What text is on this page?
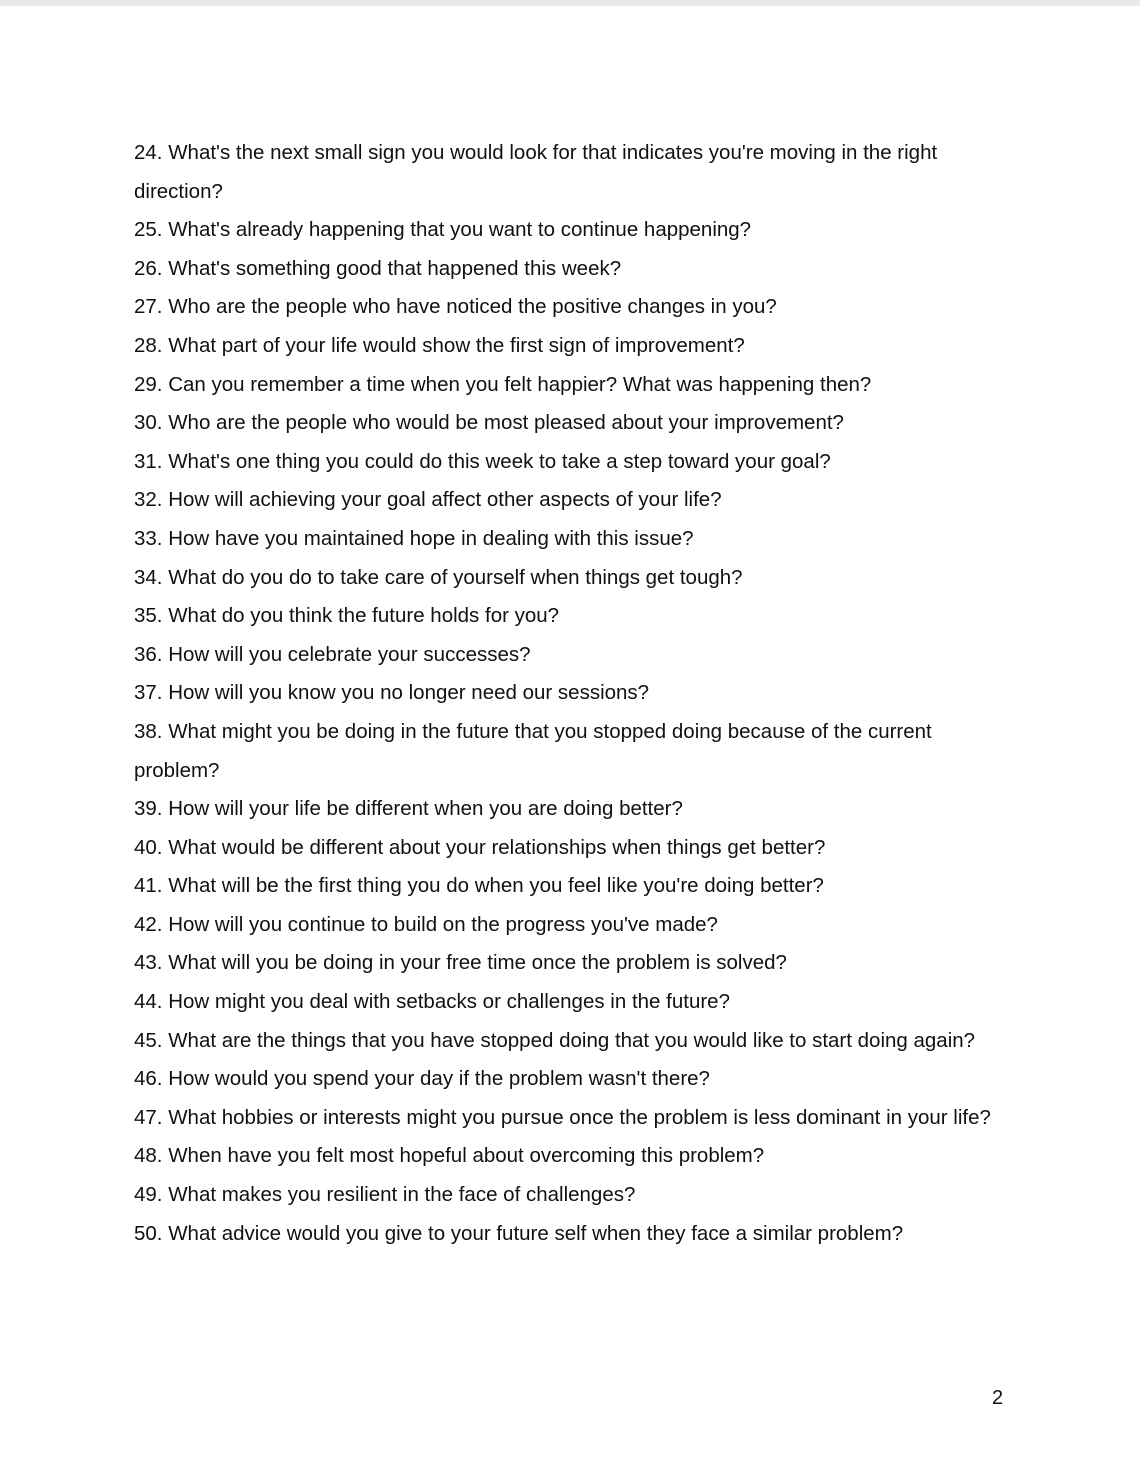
24. What's the next small sign you would look for that indicates you're moving in the right direction?
25. What's already happening that you want to continue happening?
26. What's something good that happened this week?
27. Who are the people who have noticed the positive changes in you?
28. What part of your life would show the first sign of improvement?
29. Can you remember a time when you felt happier? What was happening then?
30. Who are the people who would be most pleased about your improvement?
31. What's one thing you could do this week to take a step toward your goal?
32. How will achieving your goal affect other aspects of your life?
33. How have you maintained hope in dealing with this issue?
34. What do you do to take care of yourself when things get tough?
35. What do you think the future holds for you?
36. How will you celebrate your successes?
37. How will you know you no longer need our sessions?
38. What might you be doing in the future that you stopped doing because of the current problem?
39. How will your life be different when you are doing better?
40. What would be different about your relationships when things get better?
41. What will be the first thing you do when you feel like you're doing better?
42. How will you continue to build on the progress you've made?
43. What will you be doing in your free time once the problem is solved?
44. How might you deal with setbacks or challenges in the future?
45. What are the things that you have stopped doing that you would like to start doing again?
46. How would you spend your day if the problem wasn't there?
47. What hobbies or interests might you pursue once the problem is less dominant in your life?
48. When have you felt most hopeful about overcoming this problem?
49. What makes you resilient in the face of challenges?
50. What advice would you give to your future self when they face a similar problem?
2
